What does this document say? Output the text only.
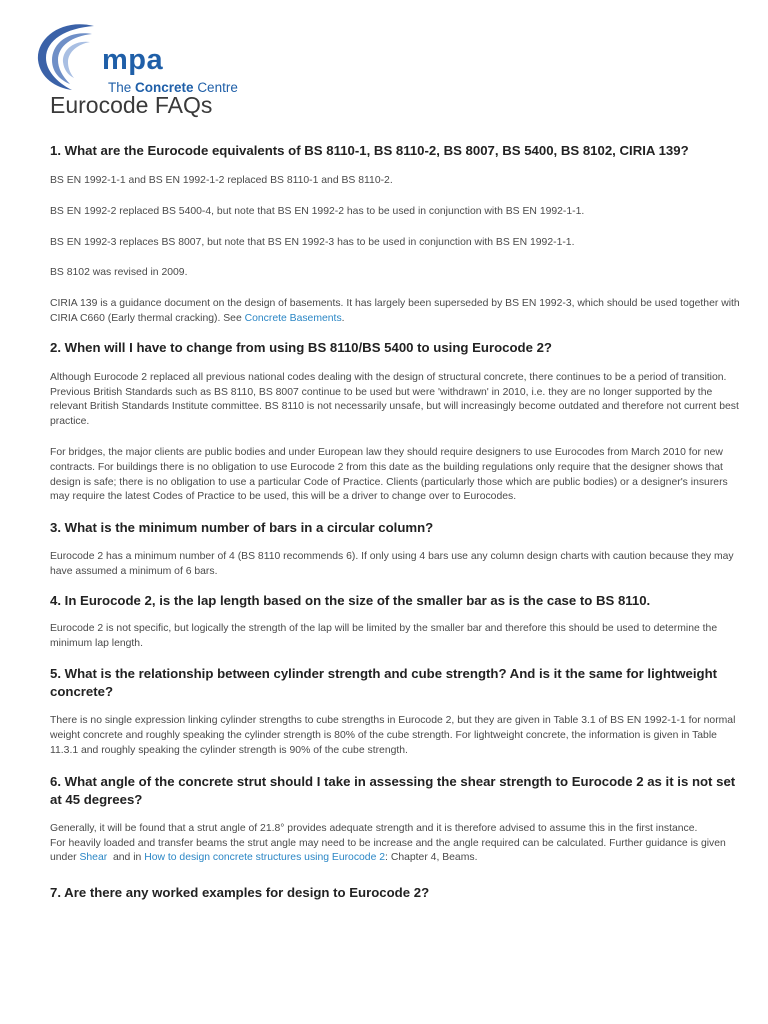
mpa
The Concrete Centre
Eurocode FAQs
1. What are the Eurocode equivalents of BS 8110-1, BS 8110-2, BS 8007, BS 5400, BS 8102, CIRIA 139?

BS EN 1992-1-1 and BS EN 1992-1-2 replaced BS 8110-1 and BS 8110-2.

BS EN 1992-2 replaced BS 5400-4, but note that BS EN 1992-2 has to be used in conjunction with BS EN 1992-1-1.

BS EN 1992-3 replaces BS 8007, but note that BS EN 1992-3 has to be used in conjunction with BS EN 1992-1-1.

BS 8102 was revised in 2009.

CIRIA 139 is a guidance document on the design of basements. It has largely been superseded by BS EN 1992-3, which should be used together with CIRIA C660 (Early thermal cracking). See Concrete Basements.

2. When will I have to change from using BS 8110/BS 5400 to using Eurocode 2?

Although Eurocode 2 replaced all previous national codes dealing with the design of structural concrete, there continues to be a period of transition. Previous British Standards such as BS 8110, BS 8007 continue to be used but were 'withdrawn' in 2010, i.e. they are no longer supported by the relevant British Standards Institute committee. BS 8110 is not necessarily unsafe, but will increasingly become outdated and therefore not current best practice.

For bridges, the major clients are public bodies and under European law they should require designers to use Eurocodes from March 2010 for new contracts. For buildings there is no obligation to use Eurocode 2 from this date as the building regulations only require that the designer shows that design is safe; there is no obligation to use a particular Code of Practice. Clients (particularly those which are public bodies) or a designer's insurers may require the latest Codes of Practice to be used, this will be a driver to change over to Eurocodes.

3. What is the minimum number of bars in a circular column?

Eurocode 2 has a minimum number of 4 (BS 8110 recommends 6). If only using 4 bars use any column design charts with caution because they may have assumed a minimum of 6 bars.

4. In Eurocode 2, is the lap length based on the size of the smaller bar as is the case to BS 8110.

Eurocode 2 is not specific, but logically the strength of the lap will be limited by the smaller bar and therefore this should be used to determine the minimum lap length.

5. What is the relationship between cylinder strength and cube strength? And is it the same for lightweight concrete?

There is no single expression linking cylinder strengths to cube strengths in Eurocode 2, but they are given in Table 3.1 of BS EN 1992-1-1 for normal weight concrete and roughly speaking the cylinder strength is 80% of the cube strength. For lightweight concrete, the information is given in Table 11.3.1 and roughly speaking the cylinder strength is 90% of the cube strength.

6. What angle of the concrete strut should I take in assessing the shear strength to Eurocode 2 as it is not set at 45 degrees?

Generally, it will be found that a strut angle of 21.8° provides adequate strength and it is therefore advised to assume this in the first instance.

For heavily loaded and transfer beams the strut angle may need to be increase and the angle required can be calculated. Further guidance is given under Shear  and in How to design concrete structures using Eurocode 2: Chapter 4, Beams.

7. Are there any worked examples for design to Eurocode 2?
